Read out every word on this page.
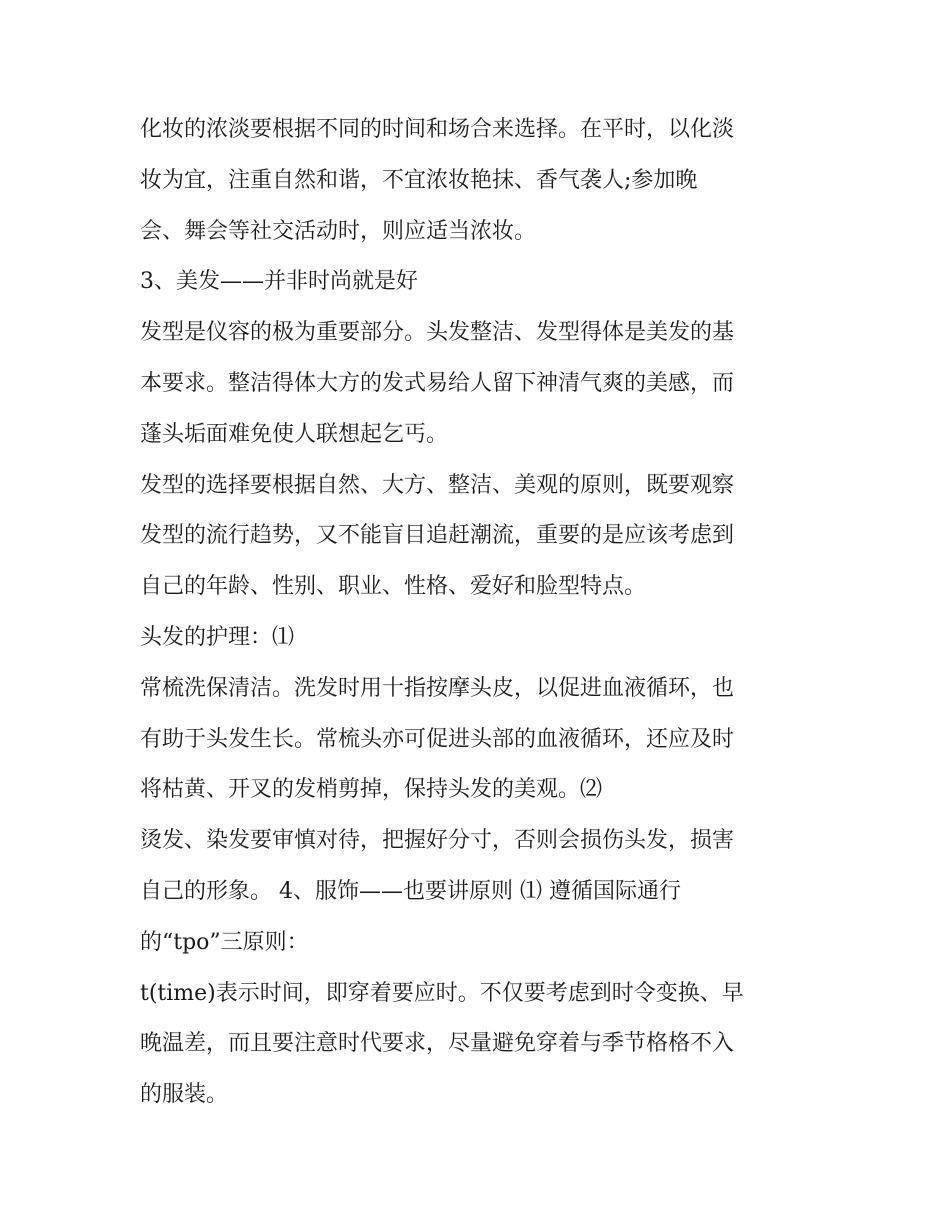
化妆的浓淡要根据不同的时间和场合来选择。在平时，以化淡
妆为宜，注重自然和谐，不宜浓妆艳抹、香气袭人;参加晚
会、舞会等社交活动时，则应适当浓妆。
3、美发——并非时尚就是好
发型是仪容的极为重要部分。头发整洁、发型得体是美发的基
本要求。整洁得体大方的发式易给人留下神清气爽的美感，而
蓬头垢面难免使人联想起乞丐。
发型的选择要根据自然、大方、整洁、美观的原则，既要观察
发型的流行趋势，又不能盲目追赶潮流，重要的是应该考虑到
自己的年龄、性别、职业、性格、爱好和脸型特点。
头发的护理：⑴
常梳洗保清洁。洗发时用十指按摩头皮，以促进血液循环，也
有助于头发生长。常梳头亦可促进头部的血液循环，还应及时
将枯黄、开叉的发梢剪掉，保持头发的美观。⑵
烫发、染发要审慎对待，把握好分寸，否则会损伤头发，损害
自己的形象。 4、服饰——也要讲原则 ⑴ 遵循国际通行
的“tpo”三原则：
t(time)表示时间，即穿着要应时。不仅要考虑到时令变换、早
晚温差，而且要注意时代要求，尽量避免穿着与季节格格不入
的服装。
